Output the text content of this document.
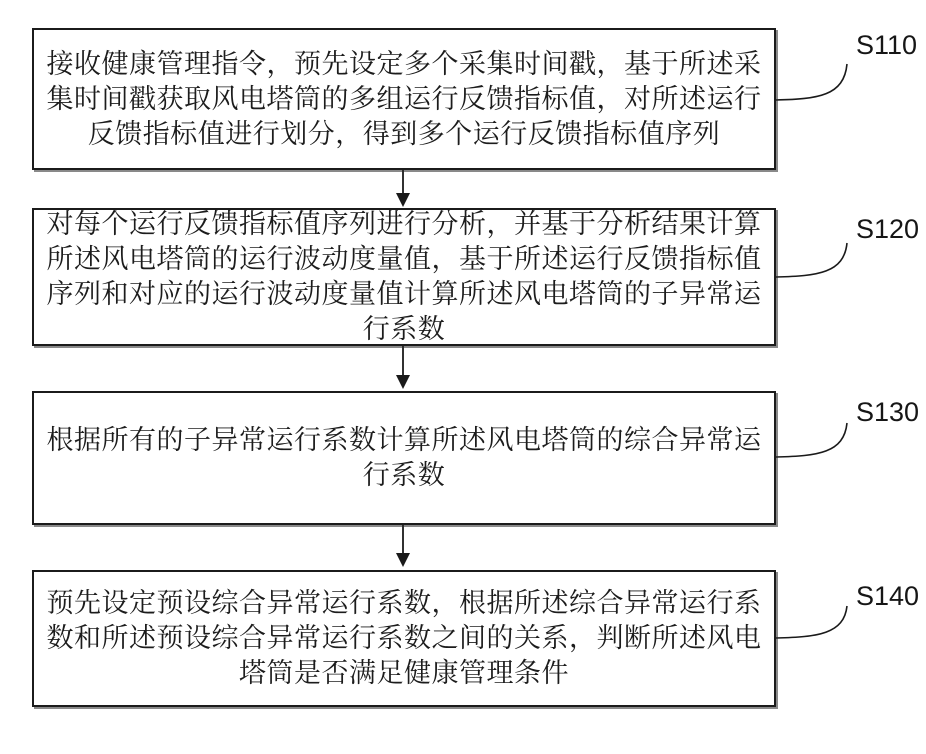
接收健康管理指令，预先设定多个采集时间戳，基于所述采
集时间戳获取风电塔筒的多组运行反馈指标值，对所述运行
反馈指标值进行划分，得到多个运行反馈指标值序列
对每个运行反馈指标值序列进行分析，并基于分析结果计算
所述风电塔筒的运行波动度量值，基于所述运行反馈指标值
序列和对应的运行波动度量值计算所述风电塔筒的子异常运
行系数
根据所有的子异常运行系数计算所述风电塔筒的综合异常运
行系数
预先设定预设综合异常运行系数，根据所述综合异常运行系
数和所述预设综合异常运行系数之间的关系，判断所述风电
塔筒是否满足健康管理条件
S110
S120
S130
S140
